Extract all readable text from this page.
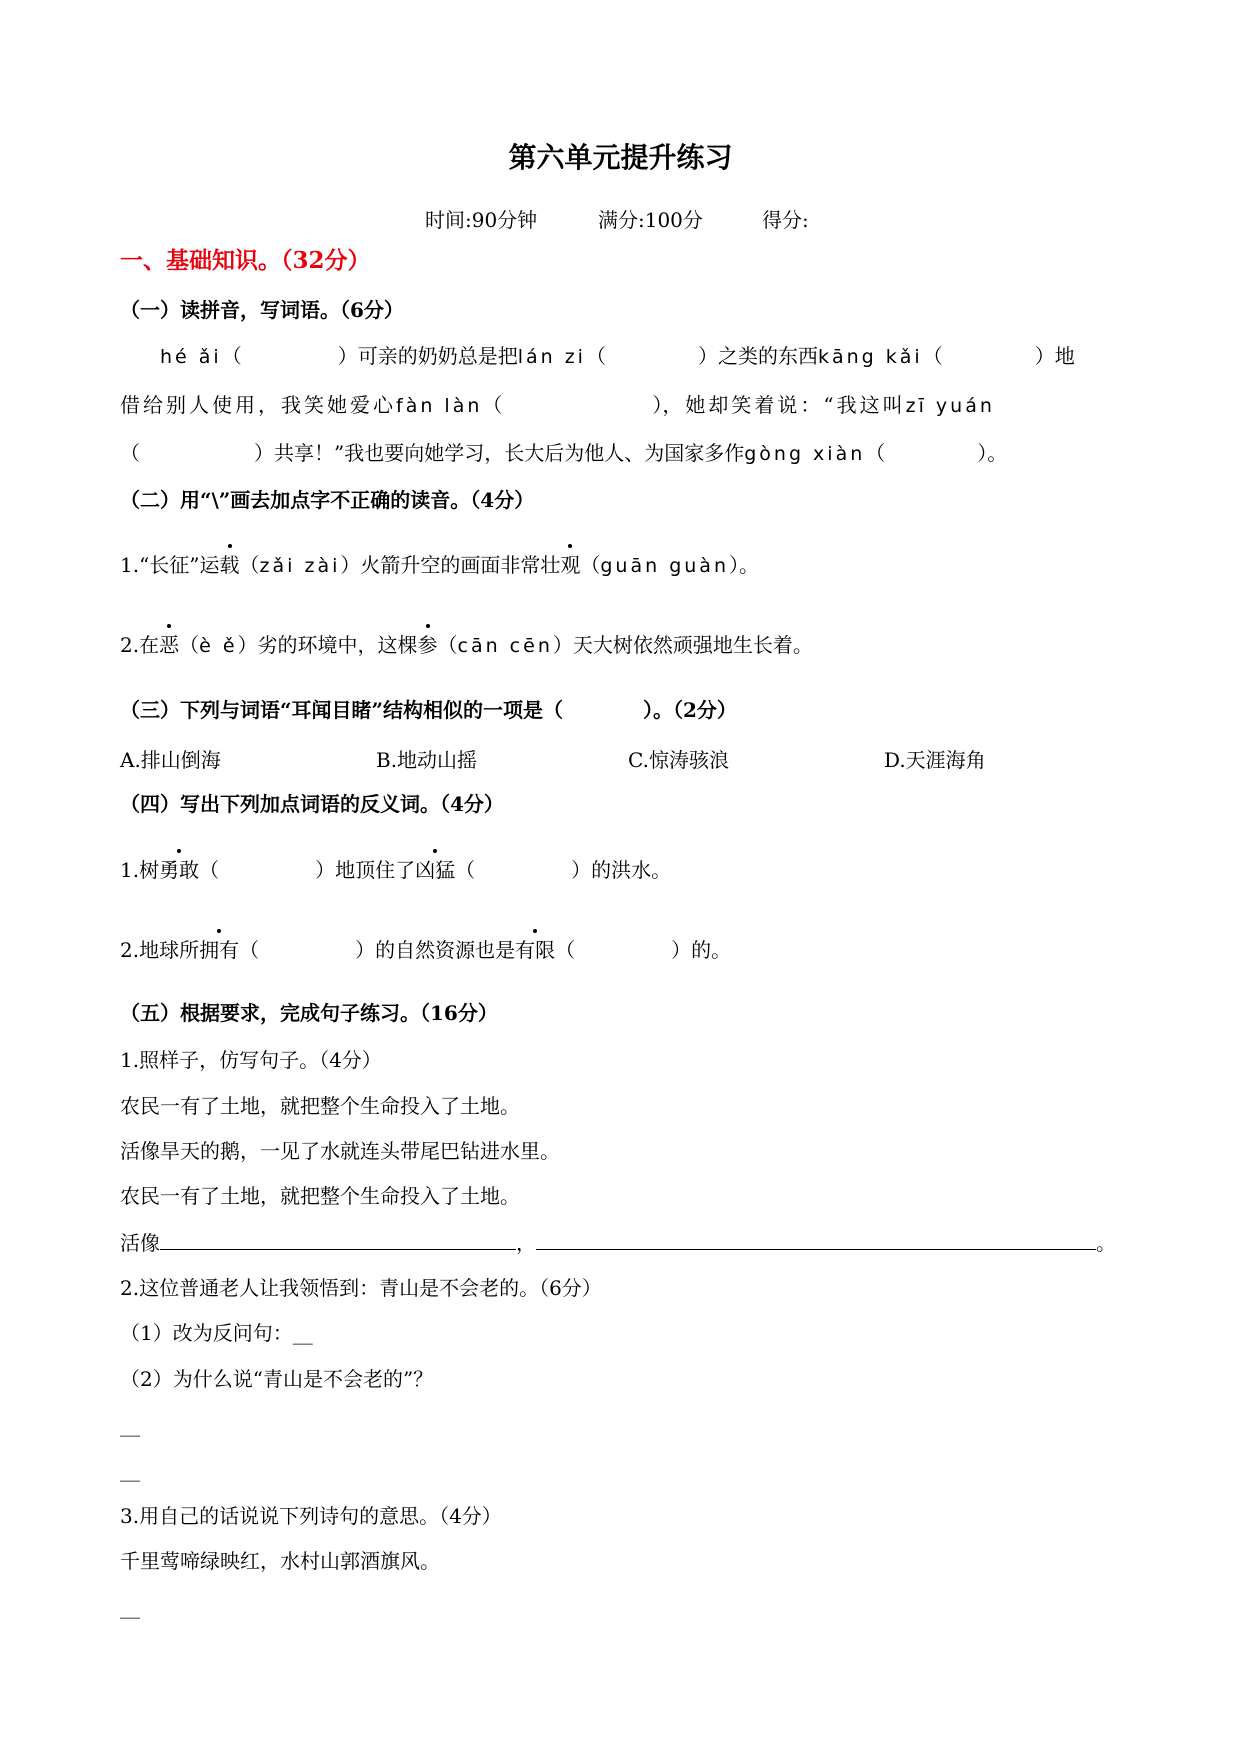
第六单元提升练习
时间:90分钟	满分:100分	得分:
一、基础知识。（32分）
（一）读拼音，写词语。（6分）
hé ǎi（	）可亲的奶奶总是把lán zi（	）之类的东西kāng kǎi（	）地
借给别人使用，我笑她爱心fàn làn（	），她却笑着说：“我这叫zī yuán
（	）共享！”我也要向她学习，长大后为他人、为国家多作gòng xiàn（	）。
（二）用“\”画去加点字不正确的读音。（4分）
1.“长征”运载（zǎi zài）火箭升空的画面非常壮观（guān guàn）。
2.在恶（è ě）劣的环境中，这棵参（cān cēn）天大树依然顽强地生长着。
（三）下列与词语“耳闻目睹”结构相似的一项是（	）。（2分）
A.排山倒海	B.地动山摇	C.惊涛骇浪	D.天涯海角
（四）写出下列加点词语的反义词。（4分）
1.树勇敢（	）地顶住了凶猛（	）的洪水。
2.地球所拥有（	）的自然资源也是有限（	）的。
（五）根据要求，完成句子练习。（16分）
1.照样子，仿写句子。（4分）
农民一有了土地，就把整个生命投入了土地。
活像旱天的鹅，一见了水就连头带尾巴钻进水里。
农民一有了土地，就把整个生命投入了土地。
活像	，	。
2.这位普通老人让我领悟到：青山是不会老的。（6分）
（1）改为反问句：__
（2）为什么说“青山是不会老的”？
__
__
3.用自己的话说说下列诗句的意思。（4分）
千里莺啼绿映红，水村山郭酒旗风。
__
